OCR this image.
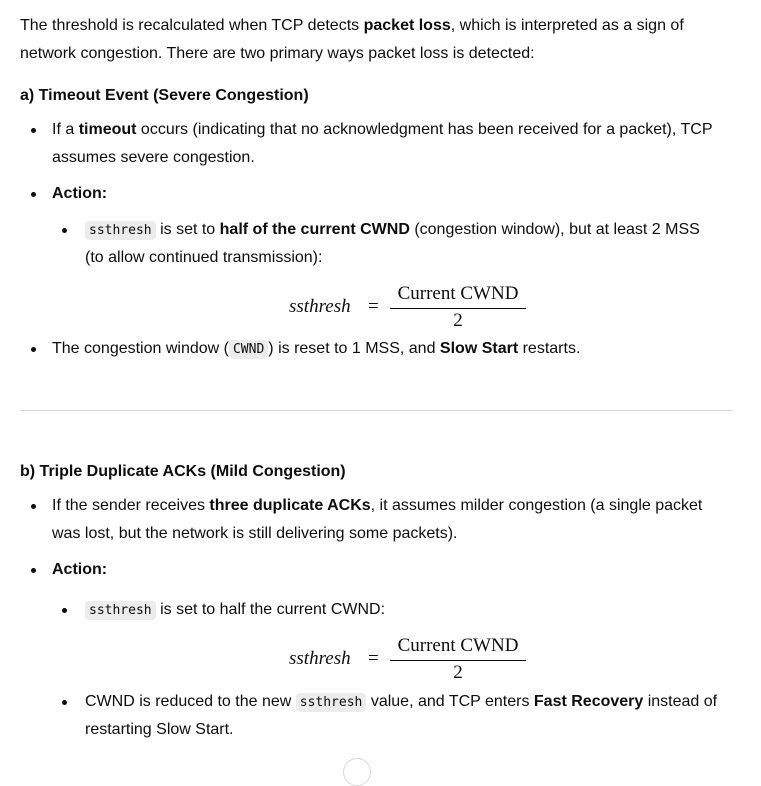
The threshold is recalculated when TCP detects packet loss, which is interpreted as a sign of
network congestion. There are two primary ways packet loss is detected:
a) Timeout Event (Severe Congestion)
If a timeout occurs (indicating that no acknowledgment has been received for a packet), TCP
assumes severe congestion.
Action:
ssthresh is set to half of the current CWND (congestion window), but at least 2 MSS
(to allow continued transmission):
ssthresh =
Current CWND
2
The congestion window ( CWND ) is reset to 1 MSS, and Slow Start restarts.
b) Triple Duplicate ACKs (Mild Congestion)
If the sender receives three duplicate ACKs, it assumes milder congestion (a single packet
was lost, but the network is still delivering some packets).
Action:
ssthresh is set to half the current CWND:
ssthresh =
Current CWND
2
CWND is reduced to the new ssthresh value, and TCP enters Fast Recovery instead of
restarting Slow Start.
